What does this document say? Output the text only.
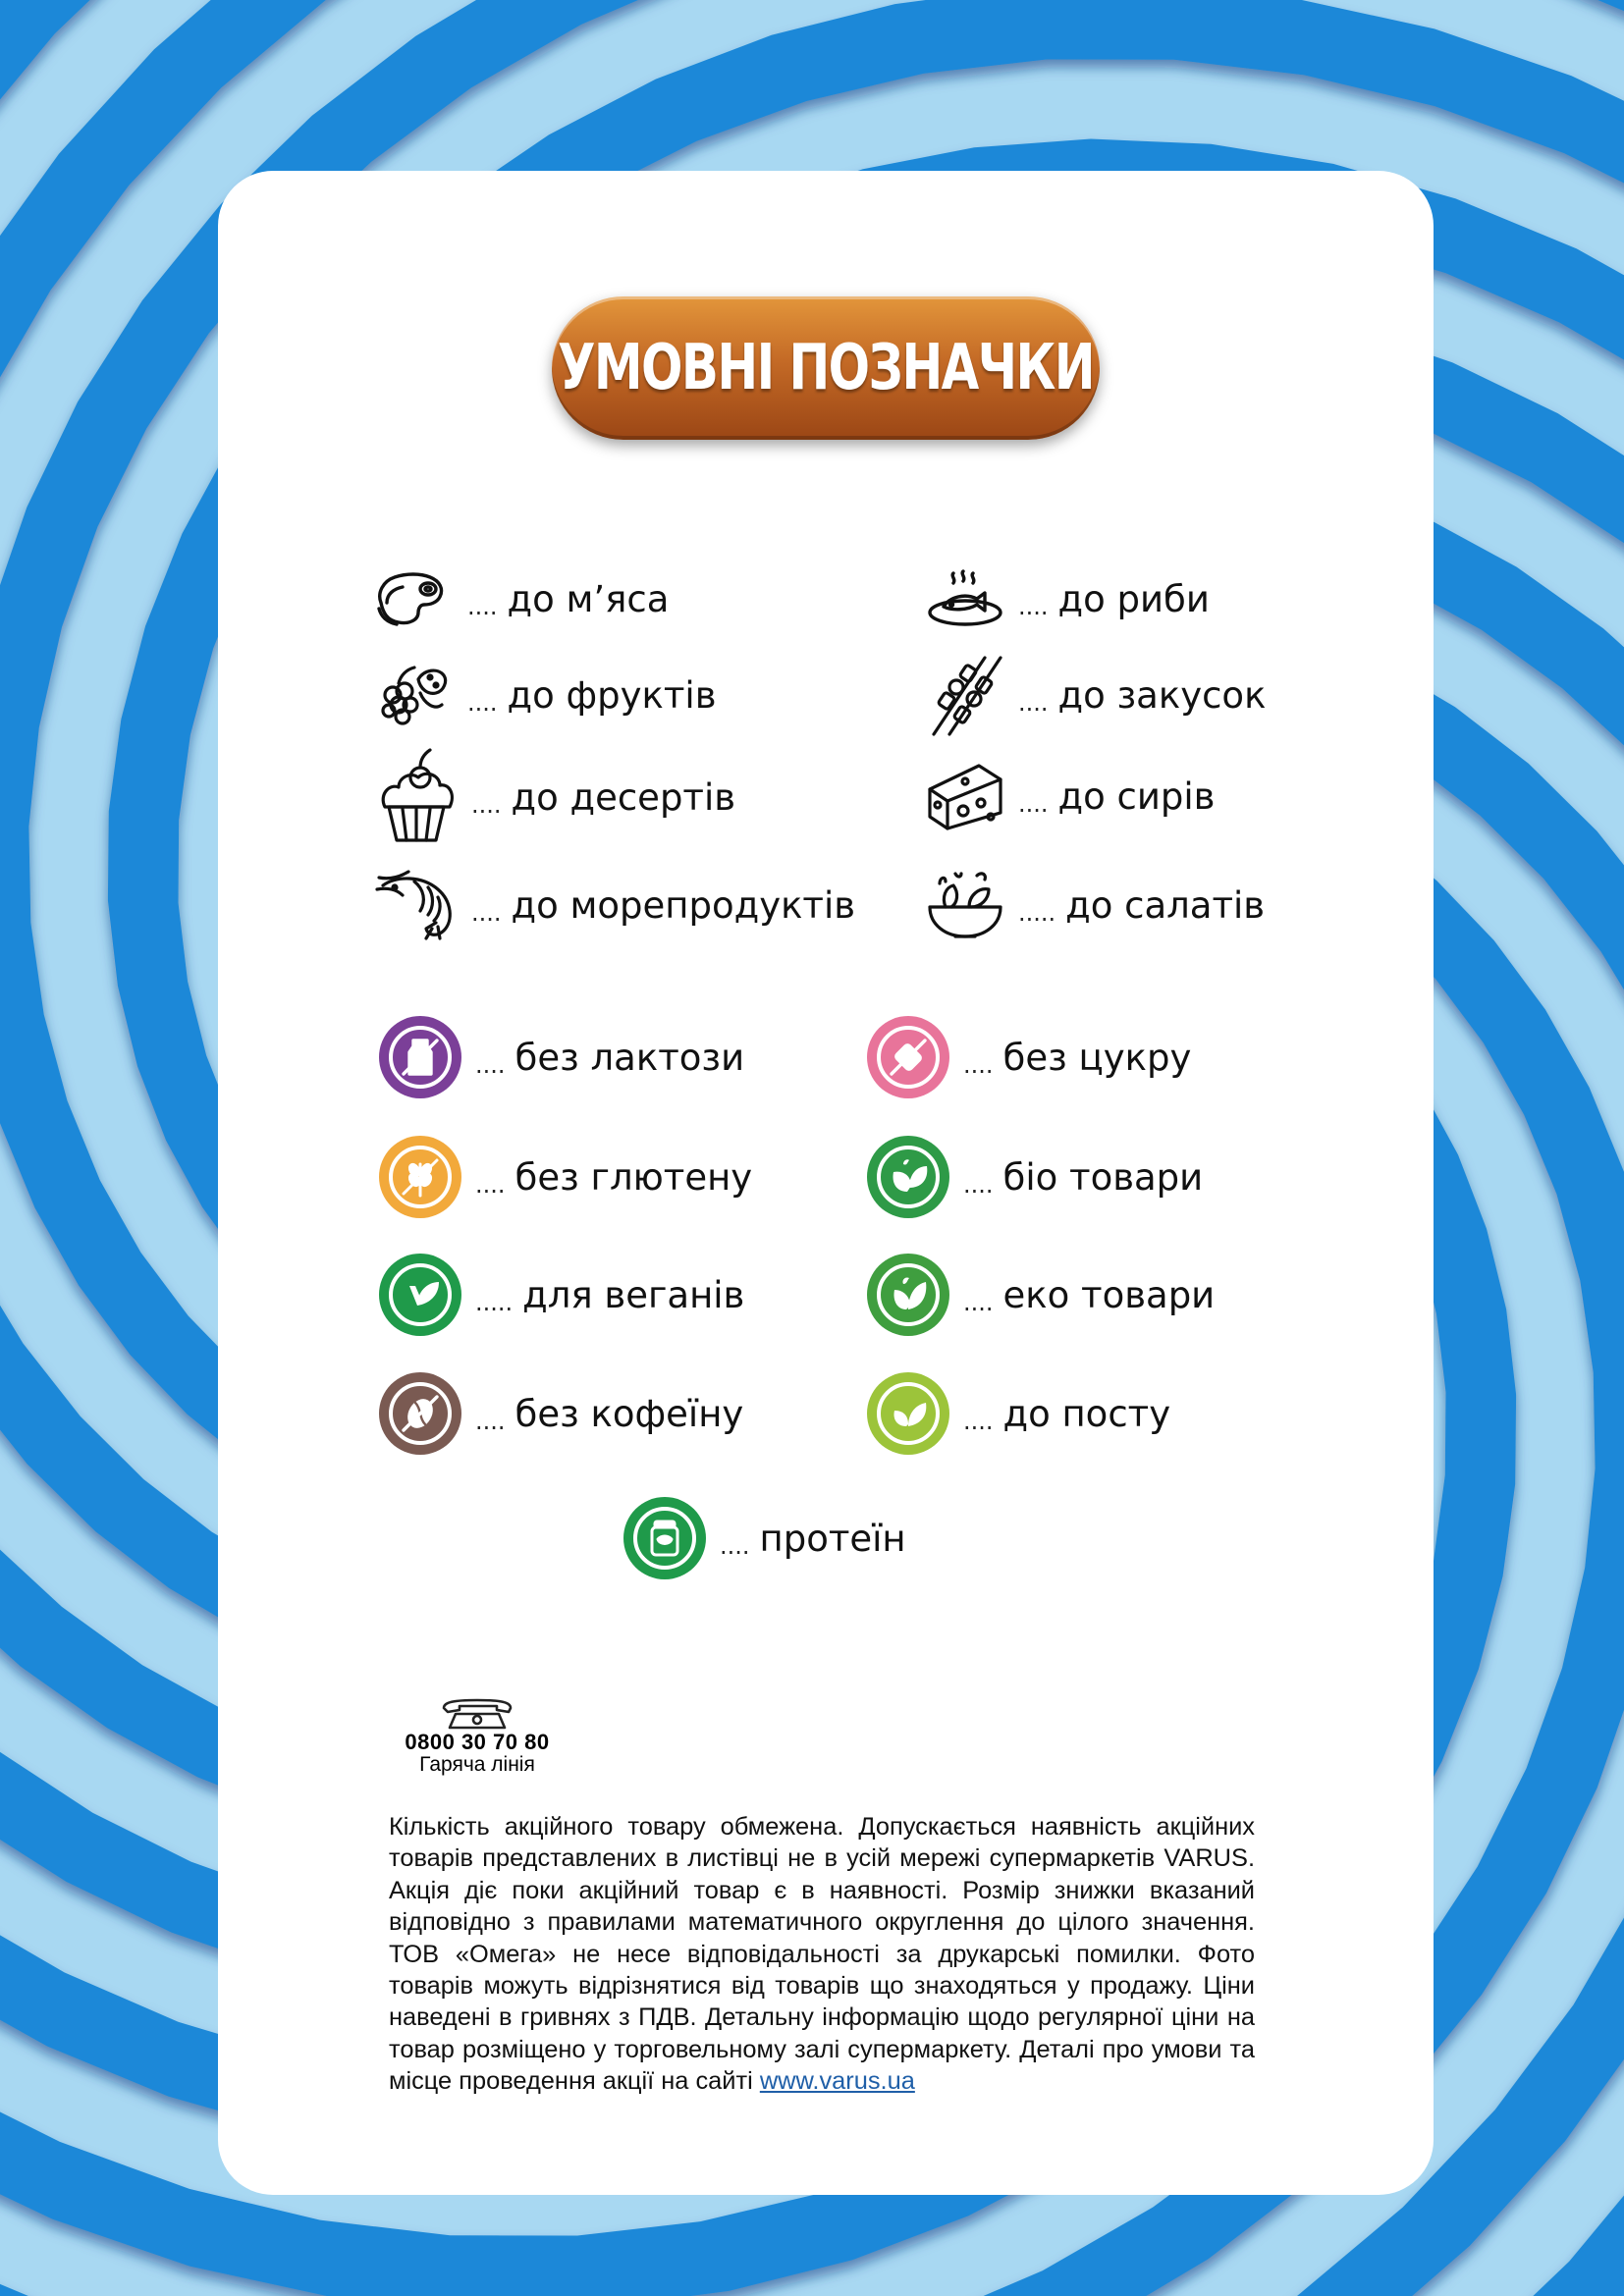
УМОВНІ ПОЗНАЧКИ
.... до м’яса	.... до риби
.... до фруктів	.... до закусок
.... до десертів	.... до сирів
.... до морепродуктів	..... до салатів
.... без лактози	.... без цукру
.... без глютену	.... біо товари
..... для веганів	.... еко товари
.... без кофеїну	.... до посту
.... протеїн
0800 30 70 80
Гаряча лінія
Кількість акційного товару обмежена. Допускається наявність акційних товарів представлених в листівці не в усій мережі супермаркетів VARUS. Акція діє поки акційний товар є в наявності. Розмір знижки вказаний відповідно з правилами математичного округлення до цілого значення. ТОВ «Омега» не несе відповідальності за друкарські помилки. Фото товарів можуть відрізнятися від товарів що знаходяться у продажу. Ціни наведені в гривнях з ПДВ. Детальну інформацію щодо регулярної ціни на товар розміщено у торговельному залі супермаркету. Деталі про умови та місце проведення акції на сайті www.varus.ua
